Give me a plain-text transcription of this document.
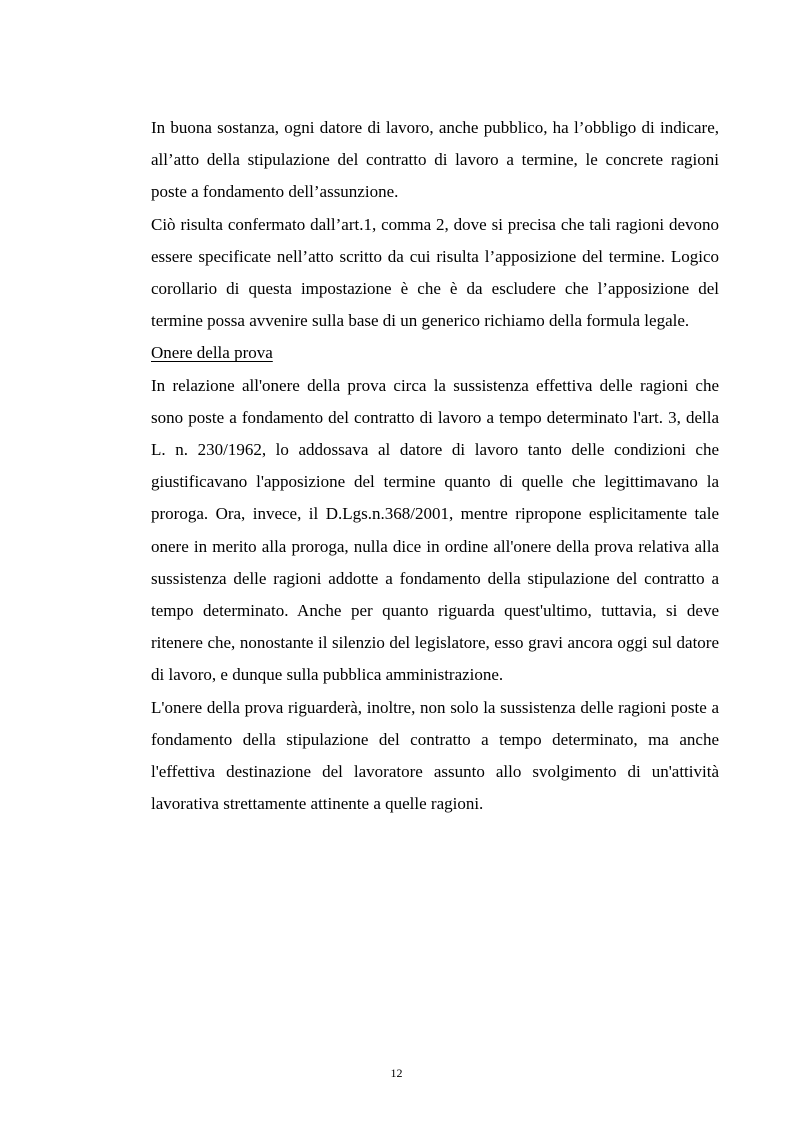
In buona sostanza, ogni datore di lavoro, anche pubblico, ha l’obbligo di indicare, all’atto della stipulazione del contratto di lavoro a termine, le concrete ragioni poste a fondamento dell’assunzione.

Ciò risulta confermato dall’art.1, comma 2, dove si precisa che tali ragioni devono essere specificate nell’atto scritto da cui risulta l’apposizione del termine. Logico corollario di questa impostazione è che è da escludere che l’apposizione del termine possa avvenire sulla base di un generico richiamo della formula legale.

Onere della prova

In relazione all'onere della prova circa la sussistenza effettiva delle ragioni che sono poste a fondamento del contratto di lavoro a tempo determinato l'art. 3, della L. n. 230/1962, lo addossava al datore di lavoro tanto delle condizioni che giustificavano l'apposizione del termine quanto di quelle che legittimavano la proroga. Ora, invece, il D.Lgs.n.368/2001, mentre ripropone esplicitamente tale onere in merito alla proroga, nulla dice in ordine all'onere della prova relativa alla sussistenza delle ragioni addotte a fondamento della stipulazione del contratto a tempo determinato. Anche per quanto riguarda quest'ultimo, tuttavia, si deve ritenere che, nonostante il silenzio del legislatore, esso gravi ancora oggi sul datore di lavoro, e dunque sulla pubblica amministrazione.

L'onere della prova riguarderà, inoltre, non solo la sussistenza delle ragioni poste a fondamento della stipulazione del contratto a tempo determinato, ma anche l'effettiva destinazione del lavoratore assunto allo svolgimento di un'attività lavorativa strettamente attinente a quelle ragioni.

12
